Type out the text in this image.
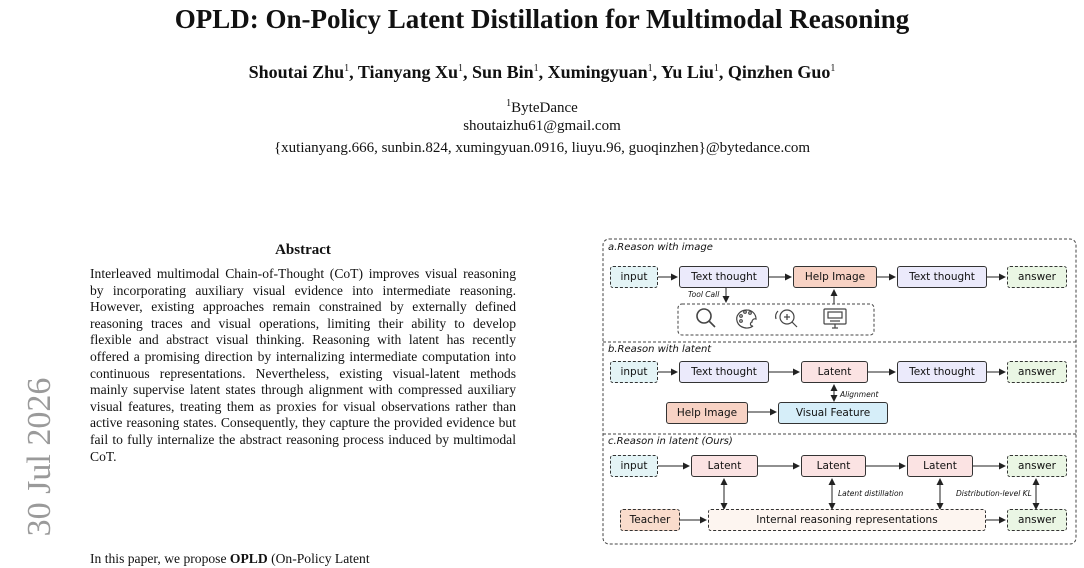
OPLD: On-Policy Latent Distillation for Multimodal Reasoning
Shoutai Zhu$^1$, Tianyang Xu$^1$, Sun Bin$^1$, Xumingyuan$^1$, Yu Liu$^1$, Qinzhen Guo$^1$
$^1$ByteDance
shoutaizhu61@gmail.com
{xutianyang.666, sunbin.824, xumingyuan.0916, liuyu.96, guoqinzhen}@bytedance.com
30 Jul 2026
Abstract
Interleaved multimodal Chain-of-Thought (CoT) improves visual reasoning by incorporating auxiliary visual evidence into intermediate reasoning. However, existing approaches remain constrained by externally defined reasoning traces and visual operations, limiting their ability to develop flexible and abstract visual thinking. Reasoning with latent has recently offered a promising direction by internalizing intermediate computation into continuous representations. Nevertheless, existing visual-latent methods mainly supervise latent states through alignment with compressed auxiliary visual features, treating them as proxies for visual observations rather than active reasoning states. Consequently, they capture the provided evidence but fail to fully internalize the abstract reasoning process induced by multimodal CoT.
In this paper, we propose OPLD (On-Policy Latent
a.Reason with image
b.Reason with latent
c.Reason in latent (Ours)
input	Text thought	Help Image	Text thought	answer
Tool Call
input	Text thought	Latent	Text thought	answer
Alignment
Help Image	Visual Feature
input	Latent	Latent	Latent	answer
Latent distillation	Distribution-level KL
Teacher	Internal reasoning representations	answer
